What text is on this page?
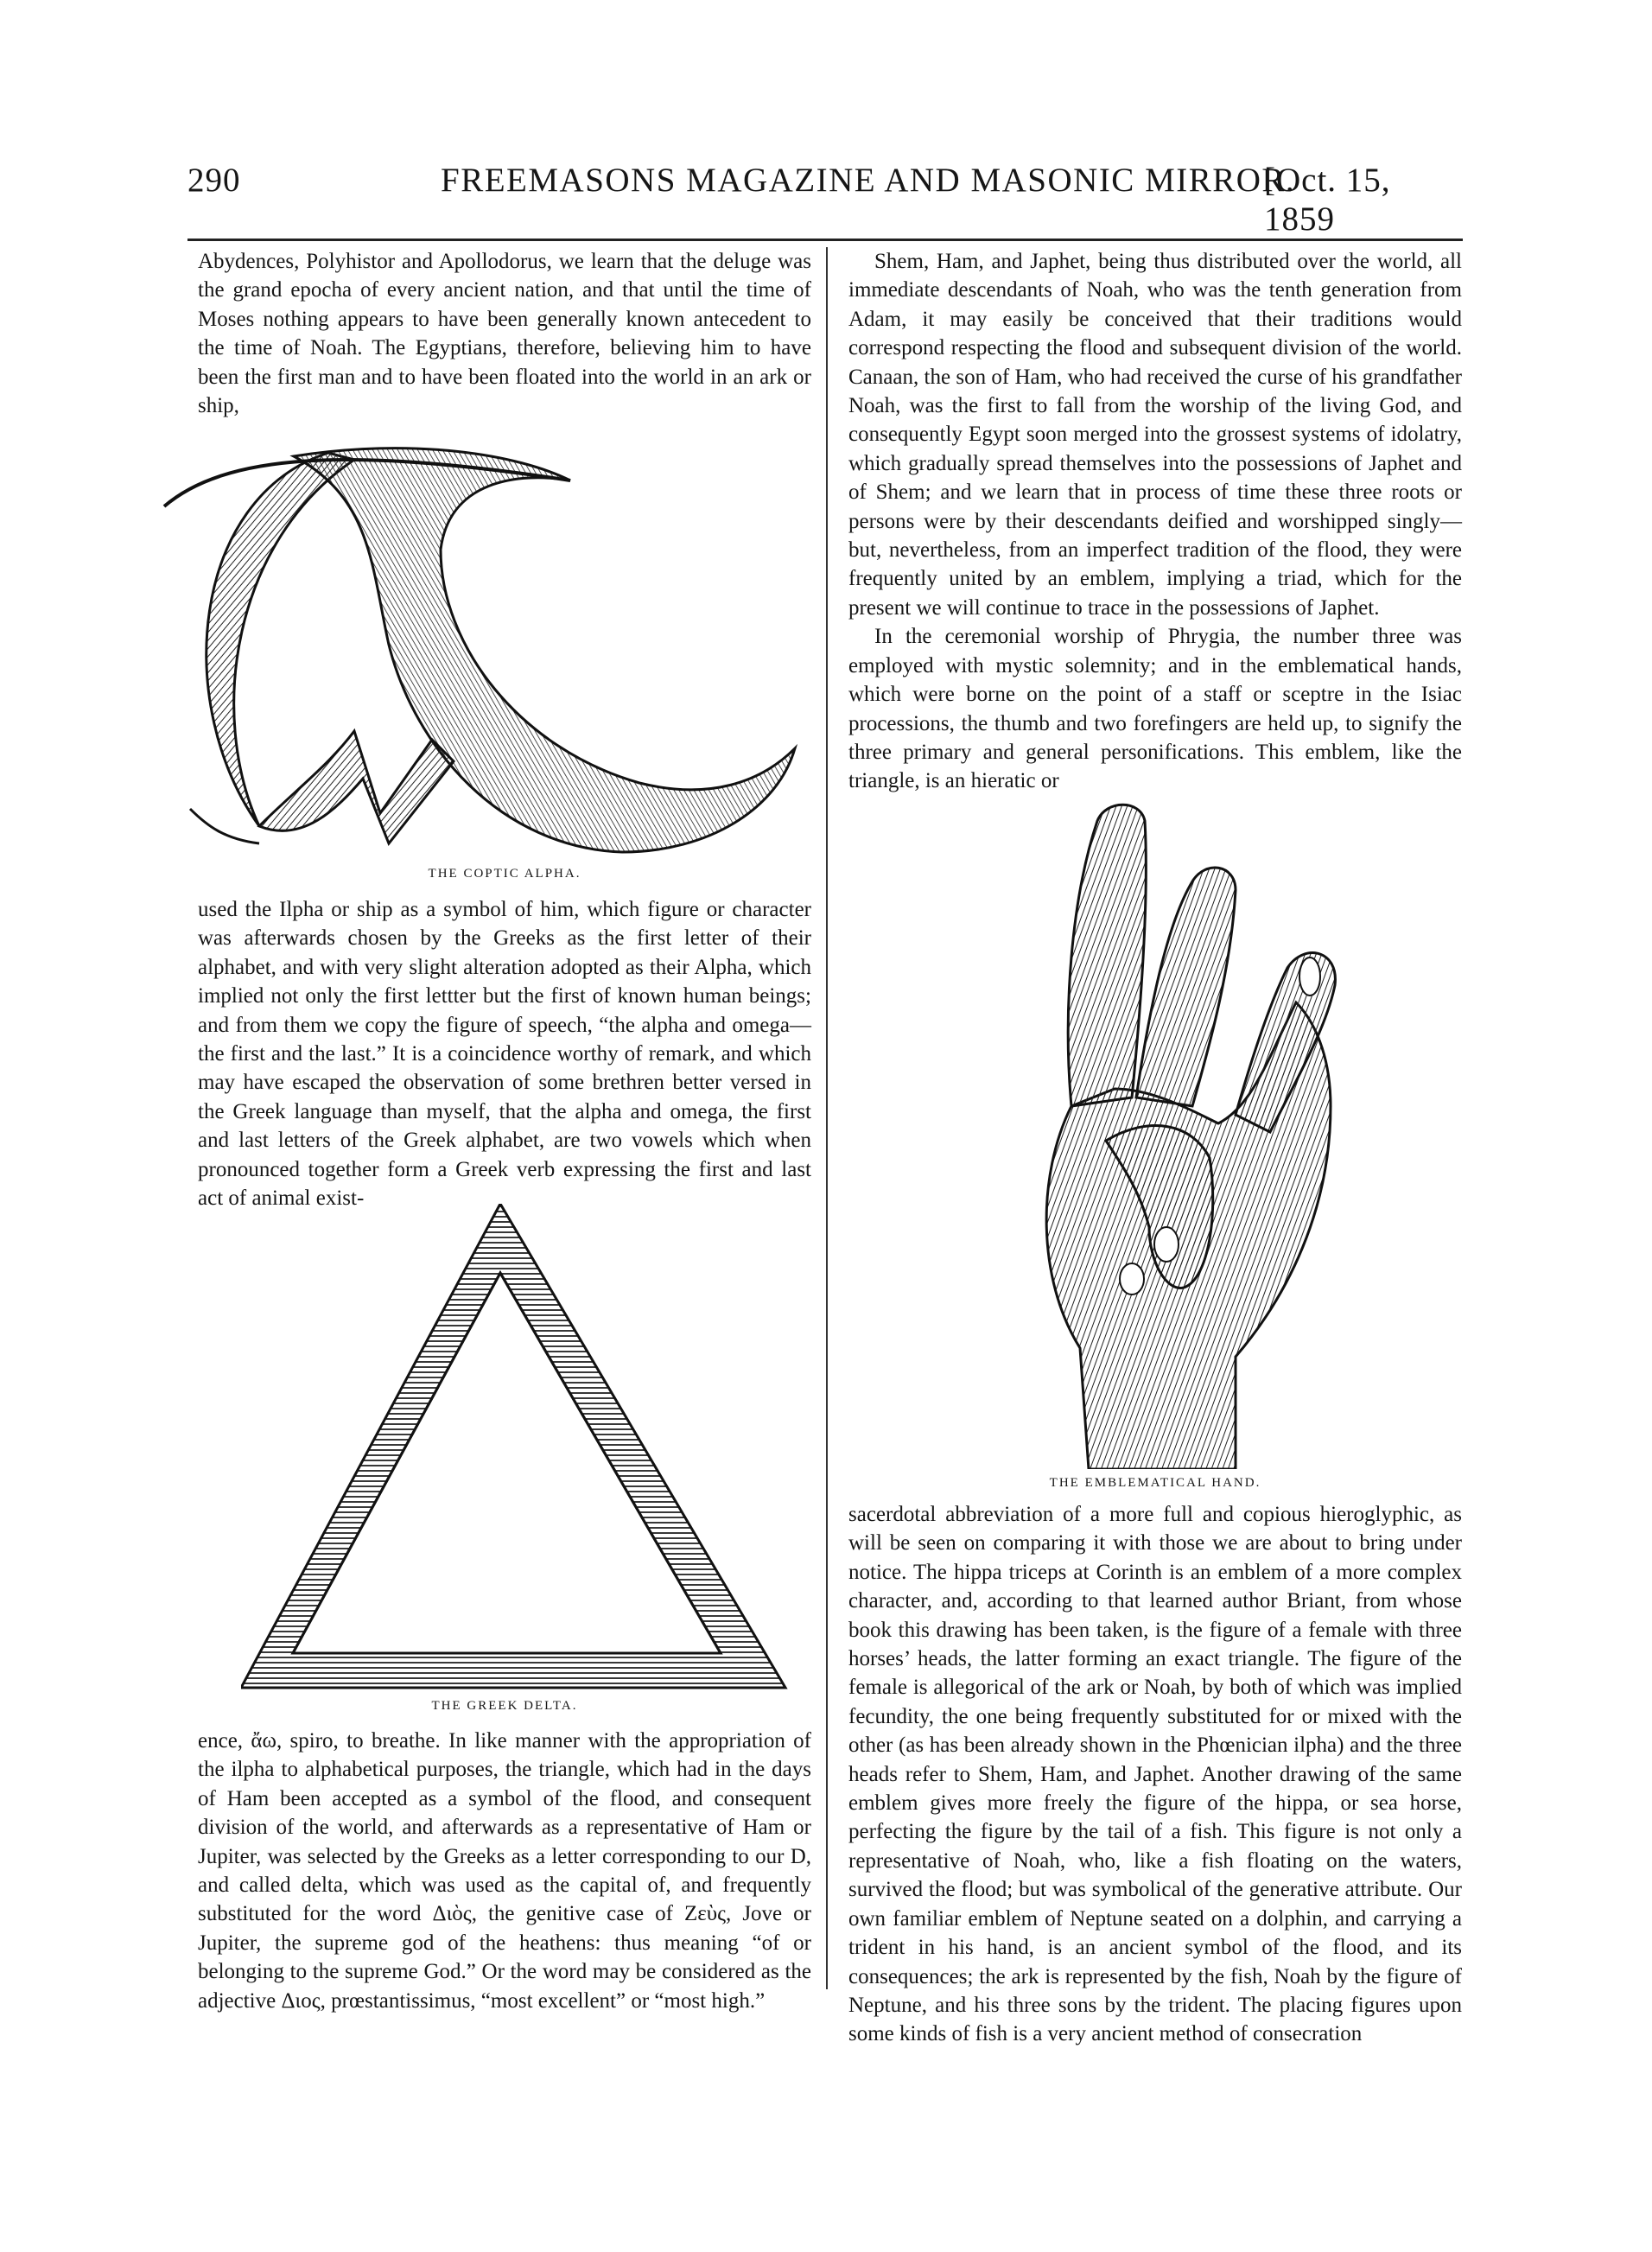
290	FREEMASONS MAGAZINE AND MASONIC MIRROR.
[Oct. 15, 1859

Abydences, Polyhistor and Apollodorus, we learn that the deluge was the grand epocha of every ancient nation, and that until the time of Moses nothing appears to have been generally known antecedent to the time of Noah. The Egyptians, therefore, believing him to have been the first man and to have been floated into the world in an ark or ship,

THE COPTIC ALPHA.

used the Ilpha or ship as a symbol of him, which figure or character was afterwards chosen by the Greeks as the first letter of their alphabet, and with very slight alteration adopted as their Alpha, which implied not only the first lettter but the first of known human beings; and from them we copy the figure of speech, “the alpha and omega—the first and the last.” It is a coincidence worthy of remark, and which may have escaped the observation of some brethren better versed in the Greek language than myself, that the alpha and omega, the first and last letters of the Greek alphabet, are two vowels which when pronounced together form a Greek verb expressing the first and last act of animal exist-

THE GREEK DELTA.

ence, ἄω, spiro, to breathe. In like manner with the appropriation of the ilpha to alphabetical purposes, the triangle, which had in the days of Ham been accepted as a symbol of the flood, and consequent division of the world, and afterwards as a representative of Ham or Jupiter, was selected by the Greeks as a letter corresponding to our D, and called delta, which was used as the capital of, and frequently substituted for the word Διὸς, the genitive case of Ζεὺς, Jove or Jupiter, the supreme god of the heathens: thus meaning “of or belonging to the supreme God.” Or the word may be considered as the adjective Διος, prœstantissimus, “most excellent” or “most high.”

Shem, Ham, and Japhet, being thus distributed over the world, all immediate descendants of Noah, who was the tenth generation from Adam, it may easily be conceived that their traditions would correspond respecting the flood and subsequent division of the world. Canaan, the son of Ham, who had received the curse of his grandfather Noah, was the first to fall from the worship of the living God, and consequently Egypt soon merged into the grossest systems of idolatry, which gradually spread themselves into the possessions of Japhet and of Shem; and we learn that in process of time these three roots or persons were by their descendants deified and worshipped singly—but, nevertheless, from an imperfect tradition of the flood, they were frequently united by an emblem, implying a triad, which for the present we will continue to trace in the possessions of Japhet.

In the ceremonial worship of Phrygia, the number three was employed with mystic solemnity; and in the emblematical hands, which were borne on the point of a staff or sceptre in the Isiac processions, the thumb and two forefingers are held up, to signify the three primary and general personifications. This emblem, like the triangle, is an hieratic or

THE EMBLEMATICAL HAND.

sacerdotal abbreviation of a more full and copious hieroglyphic, as will be seen on comparing it with those we are about to bring under notice. The hippa triceps at Corinth is an emblem of a more complex character, and, according to that learned author Briant, from whose book this drawing has been taken, is the figure of a female with three horses’ heads, the latter forming an exact triangle. The figure of the female is allegorical of the ark or Noah, by both of which was implied fecundity, the one being frequently substituted for or mixed with the other (as has been already shown in the Phœnician ilpha) and the three heads refer to Shem, Ham, and Japhet. Another drawing of the same emblem gives more freely the figure of the hippa, or sea horse, perfecting the figure by the tail of a fish. This figure is not only a representative of Noah, who, like a fish floating on the waters, survived the flood; but was symbolical of the generative attribute. Our own familiar emblem of Neptune seated on a dolphin, and carrying a trident in his hand, is an ancient symbol of the flood, and its consequences; the ark is represented by the fish, Noah by the figure of Neptune, and his three sons by the trident. The placing figures upon some kinds of fish is a very ancient method of consecration
